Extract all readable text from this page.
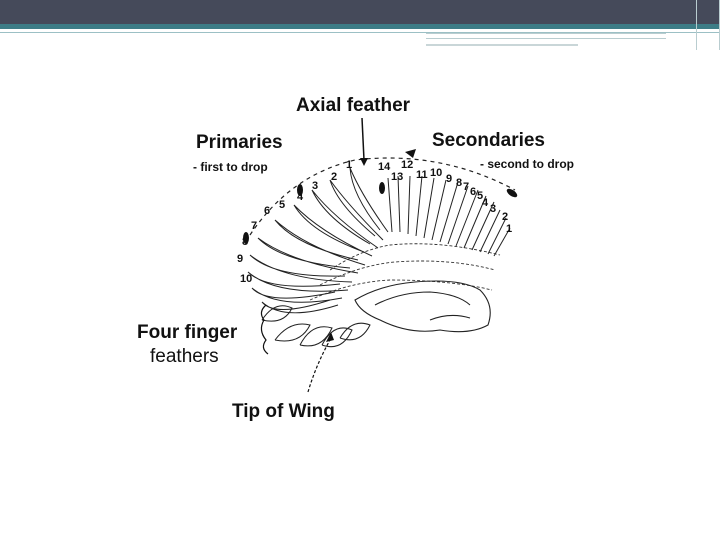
1
2
3
4
5
6
7
8
9
10
14 12
13 11 10 9 8 7 6 5
4 3
2
1
Axial feather
Primaries
- first to drop
Secondaries
- second to drop
Four finger
feathers
Tip of Wing
